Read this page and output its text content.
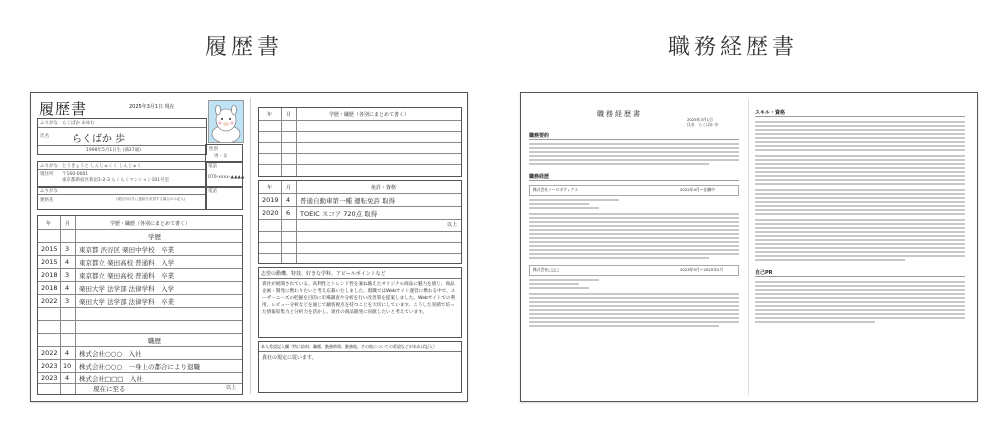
履歴書	職務経歴書
履歴書	2025年3月1日 現在
ふりがな らくばか あゆむ
氏名 らくばか 歩
1998年5月1日生 (満27歳)	性別
男・女
ふりがな とうきょうと しんじゅくく しんじゅく
現住所 〒160-0001
東京都新宿区新宿1-2-3 らくらくマンション101号室
電話
070-xxxx-▲▲▲▲
ふりがな
連絡先	(現住所以外に連絡を希望する場合のみ記入)
電話
年	月	学歴・職歴（各別にまとめて書く）
学歴
2015 3 東京都 渋谷区 楽田中学校　卒業
2015 4 東京都立 楽田高校 普通科　入学
2018 3 東京都立 楽田高校 普通科　卒業
2018 4 楽田大学 法学部 法律学科　入学
2022 3 楽田大学 法学部 法律学科　卒業
職歴
2022 4 株式会社○○○　入社
2023 10 株式会社○○○　一身上の都合により退職
2023 4 株式会社□□□　入社
現在に至る	以上
年	月	学歴・職歴（各別にまとめて書く）
年	月	免許・資格
2019 4 普通自動車第一種 運転免許 取得
2020 6 TOEIC スコア 720点 取得
以上
志望の動機、特技、好きな学科、アピールポイントなど
貴社が展開されている、高利性とトレンド性を兼ね備えたオリジナル商品に魅力を感じ、商品企画・開発に携わりたいと考え応募いたしました。現職ではWebサイト運営に携わる中で、ユーザーニーズの把握を目的に市場調査や分析を行い改善策を提案しました。Webサイトでの利用、レビュー分析などを通じて顧客視点を持つことを大切にしています。こうした実績で培った情報収集力と分析力を活かし、貴社の商品開発に貢献したいと考えています。
本人希望記入欄（特に給料、職種、勤務時間、勤務地、その他についての希望などがあれば記入）
貴社の規定に従います。
職務経歴書
2025年3月1日
氏名　らくばか 歩
職務要約
職務経歴
株式会社ノーロボティクス	2022年4月～在職中
株式会社□□□	2023年5月～2025年2月
スキル・資格
自己PR
